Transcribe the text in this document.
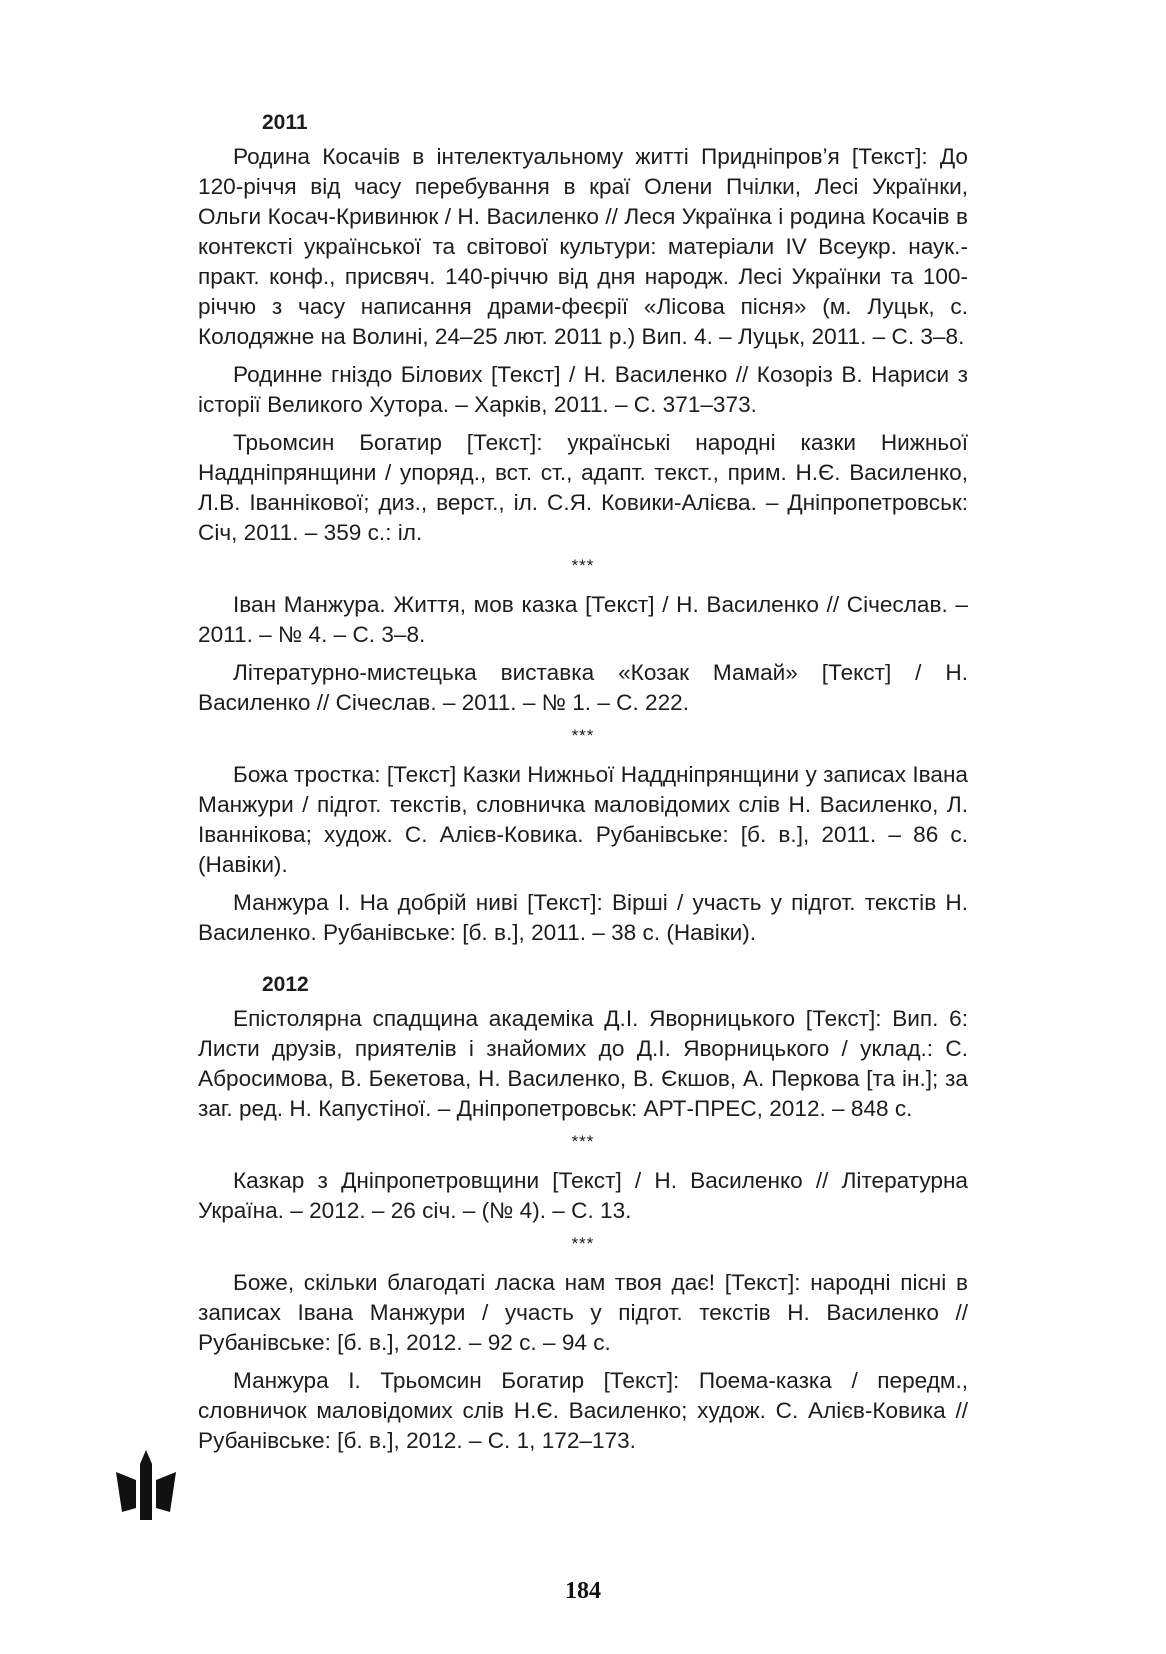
2011

Родина Косачів в інтелектуальному житті Придніпров’я [Текст]: До 120-річчя від часу перебування в краї Олени Пчілки, Лесі Українки, Ольги Косач-Кривинюк / Н. Василенко // Леся Українка і родина Косачів в контексті української та світової культури: матеріали IV Всеукр. наук.-практ. конф., присвяч. 140-річчю від дня народж. Лесі Українки та 100-річчю з часу написання драми-феєрії «Лісова пісня» (м. Луцьк, с. Колодяжне на Волині, 24–25 лют. 2011 р.) Вип. 4. – Луцьк, 2011. – С. 3–8.

Родинне гніздо Білових [Текст] / Н. Василенко // Козоріз В. Нариси з історії Великого Хутора. – Харків, 2011. – С. 371–373.

Трьомсин Богатир [Текст]: українські народні казки Нижньої Наддніпрянщини / упоряд., вст. ст., адапт. текст., прим. Н.Є. Василенко, Л.В. Іваннікової; диз., верст., іл. С.Я. Ковики-Алієва. – Дніпропетровськ: Січ, 2011. – 359 с.: іл.

***

Іван Манжура. Життя, мов казка [Текст] / Н. Василенко // Січеслав. – 2011. – № 4. – С. 3–8.

Літературно-мистецька виставка «Козак Мамай» [Текст] / Н. Василенко // Січеслав. – 2011. – № 1. – С. 222.

***

Божа тростка: [Текст] Казки Нижньої Наддніпрянщини у записах Івана Манжури / підгот. текстів, словничка маловідомих слів Н. Василенко, Л. Іваннікова; худож. С. Алієв-Ковика. Рубанівське: [б. в.], 2011. – 86 с. (Навіки).

Манжура І. На добрій ниві [Текст]: Вірші / участь у підгот. текстів Н. Василенко. Рубанівське: [б. в.], 2011. – 38 с. (Навіки).

2012

Епістолярна спадщина академіка Д.І. Яворницького [Текст]: Вип. 6: Листи друзів, приятелів і знайомих до Д.І. Яворницького / уклад.: С. Абросимова, В. Бекетова, Н. Василенко, В. Єкшов, А. Перкова [та ін.]; за заг. ред. Н. Капустіної. – Дніпропетровськ: АРТ-ПРЕС, 2012. – 848 с.

***

Казкар з Дніпропетровщини [Текст] / Н. Василенко // Літературна Україна. – 2012. – 26 січ. – (№ 4). – С. 13.

***

Боже, скільки благодаті ласка нам твоя дає! [Текст]: народні пісні в записах Івана Манжури / участь у підгот. текстів Н. Василенко // Рубанівське: [б. в.], 2012. – 92 с. – 94 с.

Манжура І. Трьомсин Богатир [Текст]: Поема-казка / передм., словничок маловідомих слів Н.Є. Василенко; худож. С. Алієв-Ковика // Рубанівське: [б. в.], 2012. – С. 1, 172–173.

184
